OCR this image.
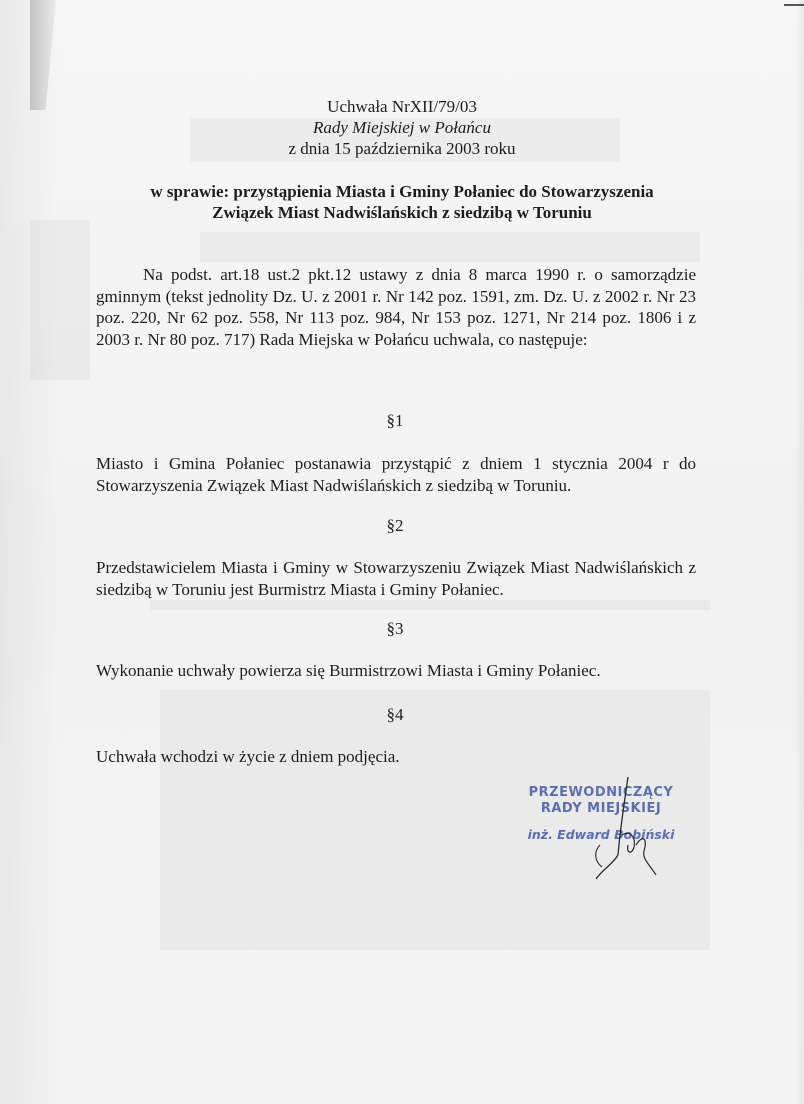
Uchwała NrXII/79/03
Rady Miejskiej w Połańcu
z dnia 15 października 2003 roku
w sprawie: przystąpienia Miasta i Gminy Połaniec do Stowarzyszenia
Związek Miast Nadwiślańskich z siedzibą w Toruniu
Na podst. art.18 ust.2 pkt.12 ustawy z dnia 8 marca 1990 r. o samorządzie gminnym (tekst jednolity Dz. U. z 2001 r. Nr 142 poz. 1591, zm. Dz. U. z 2002 r. Nr 23 poz. 220, Nr 62 poz. 558, Nr 113 poz. 984, Nr 153 poz. 1271, Nr 214 poz. 1806 i z 2003 r. Nr 80 poz. 717) Rada Miejska w Połańcu uchwala, co następuje:
§1
Miasto i Gmina Połaniec postanawia przystąpić z dniem 1 stycznia 2004 r do Stowarzyszenia Związek Miast Nadwiślańskich z siedzibą w Toruniu.
§2
Przedstawicielem Miasta i Gminy w Stowarzyszeniu Związek Miast Nadwiślańskich z siedzibą w Toruniu jest Burmistrz Miasta i Gminy Połaniec.
§3
Wykonanie uchwały powierza się Burmistrzowi Miasta i Gminy Połaniec.
§4
Uchwała wchodzi w życie z dniem podjęcia.
PRZEWODNICZĄCY
RADY MIEJSKIEJ
inż. Edward Bobiński
